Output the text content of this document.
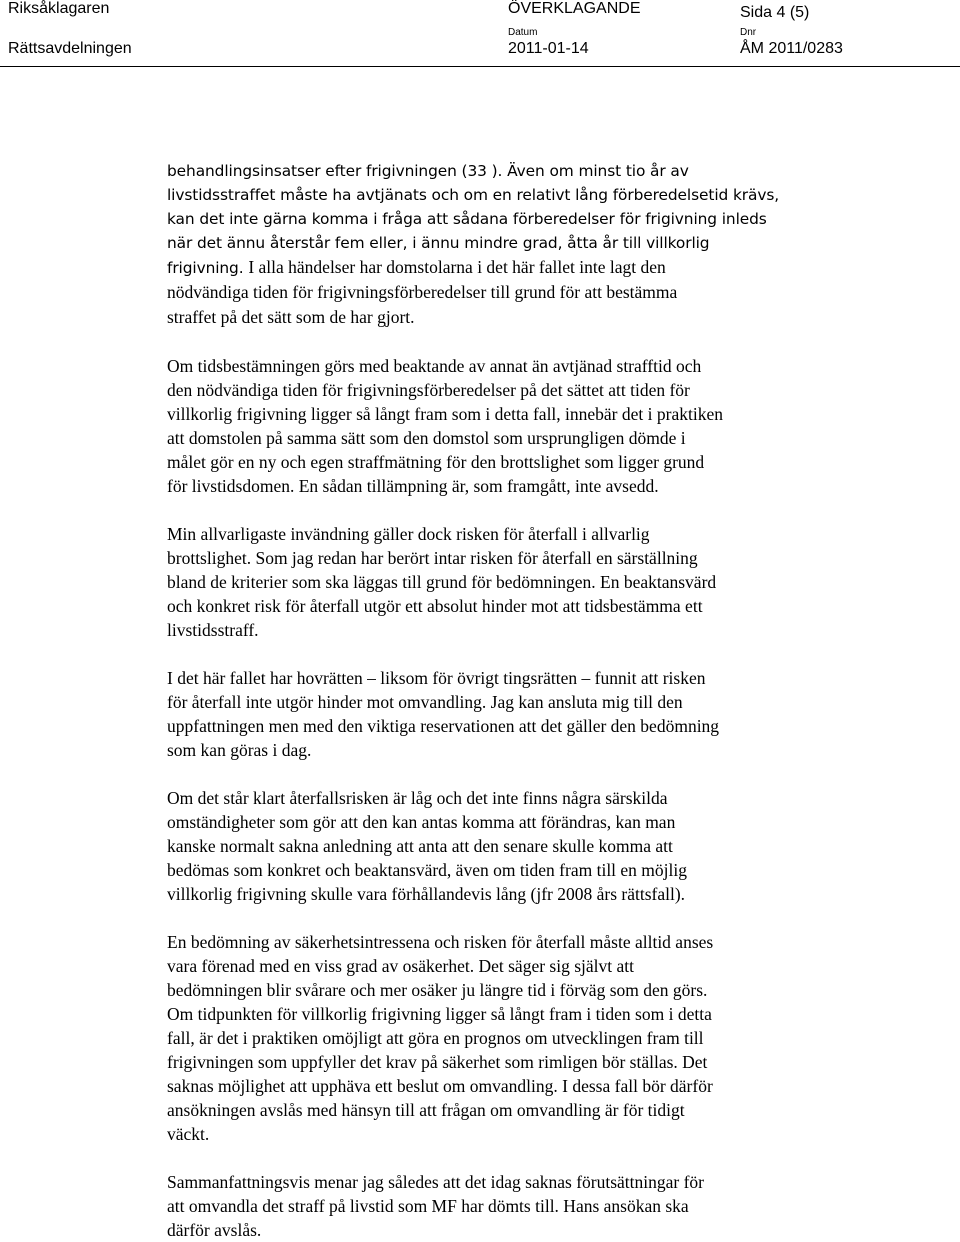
Riksåklagaren
Rättsavdelningen
ÖVERKLAGANDE
Datum
2011-01-14
Sida 4 (5)
Dnr
ÅM 2011/0283

behandlingsinsatser efter frigivningen (33 ). Även om minst tio år av
livstidsstraffet måste ha avtjänats och om en relativt lång förberedelsetid krävs,
kan det inte gärna komma i fråga att sådana förberedelser för frigivning inleds
när det ännu återstår fem eller, i ännu mindre grad, åtta år till villkorlig
frigivning. I alla händelser har domstolarna i det här fallet inte lagt den
nödvändiga tiden för frigivningsförberedelser till grund för att bestämma
straffet på det sätt som de har gjort.

Om tidsbestämningen görs med beaktande av annat än avtjänad strafftid och
den nödvändiga tiden för frigivningsförberedelser på det sättet att tiden för
villkorlig frigivning ligger så långt fram som i detta fall, innebär det i praktiken
att domstolen på samma sätt som den domstol som ursprungligen dömde i
målet gör en ny och egen straffmätning för den brottslighet som ligger grund
för livstidsdomen. En sådan tillämpning är, som framgått, inte avsedd.

Min allvarligaste invändning gäller dock risken för återfall i allvarlig
brottslighet. Som jag redan har berört intar risken för återfall en särställning
bland de kriterier som ska läggas till grund för bedömningen. En beaktansvärd
och konkret risk för återfall utgör ett absolut hinder mot att tidsbestämma ett
livstidsstraff.

I det här fallet har hovrätten – liksom för övrigt tingsrätten – funnit att risken
för återfall inte utgör hinder mot omvandling. Jag kan ansluta mig till den
uppfattningen men med den viktiga reservationen att det gäller den bedömning
som kan göras i dag.

Om det står klart återfallsrisken är låg och det inte finns några särskilda
omständigheter som gör att den kan antas komma att förändras, kan man
kanske normalt sakna anledning att anta att den senare skulle komma att
bedömas som konkret och beaktansvärd, även om tiden fram till en möjlig
villkorlig frigivning skulle vara förhållandevis lång (jfr 2008 års rättsfall).

En bedömning av säkerhetsintressena och risken för återfall måste alltid anses
vara förenad med en viss grad av osäkerhet. Det säger sig självt att
bedömningen blir svårare och mer osäker ju längre tid i förväg som den görs.
Om tidpunkten för villkorlig frigivning ligger så långt fram i tiden som i detta
fall, är det i praktiken omöjligt att göra en prognos om utvecklingen fram till
frigivningen som uppfyller det krav på säkerhet som rimligen bör ställas. Det
saknas möjlighet att upphäva ett beslut om omvandling. I dessa fall bör därför
ansökningen avslås med hänsyn till att frågan om omvandling är för tidigt
väckt.

Sammanfattningsvis menar jag således att det idag saknas förutsättningar för
att omvandla det straff på livstid som MF har dömts till. Hans ansökan ska
därför avslås.
